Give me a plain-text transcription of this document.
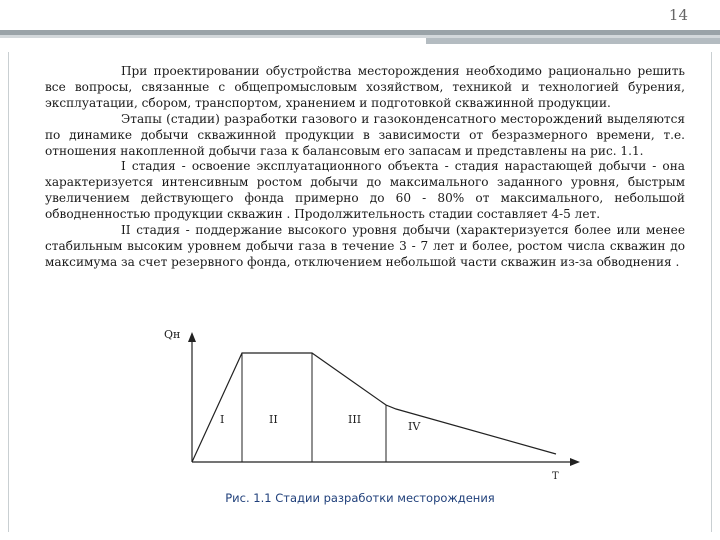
14

При проектировании обустройства месторождения необходимо рационально решить все вопросы, связанные с общепромысловым хозяйством, техникой и технологией бурения, эксплуатации, сбором, транспортом, хранением и подготовкой скважинной продукции.

Этапы (стадии) разработки газового и газоконденсатного месторождений выделяются по динамике добычи скважинной продукции в зависимости от безразмерного времени, т.е. отношения накопленной добычи газа к балансовым его запасам и представлены на рис. 1.1.

I стадия - освоение эксплуатационного объекта - стадия нарастающей добычи - она характеризуется интенсивным ростом добычи до максимального заданного уровня, быстрым увеличением действующего фонда примерно до 60 - 80% от максимального, небольшой обводненностью продукции скважин . Продолжительность стадии составляет 4-5 лет.

II стадия - поддержание высокого уровня добычи (характеризуется более или менее стабильным высоким уровнем добычи газа в течение 3 - 7 лет и более, ростом числа скважин до максимума за счет резервного фонда, отключением небольшой части скважин из-за обводнения .

Qн
T
I	II	III
IV
Рис. 1.1 Стадии разработки месторождения
